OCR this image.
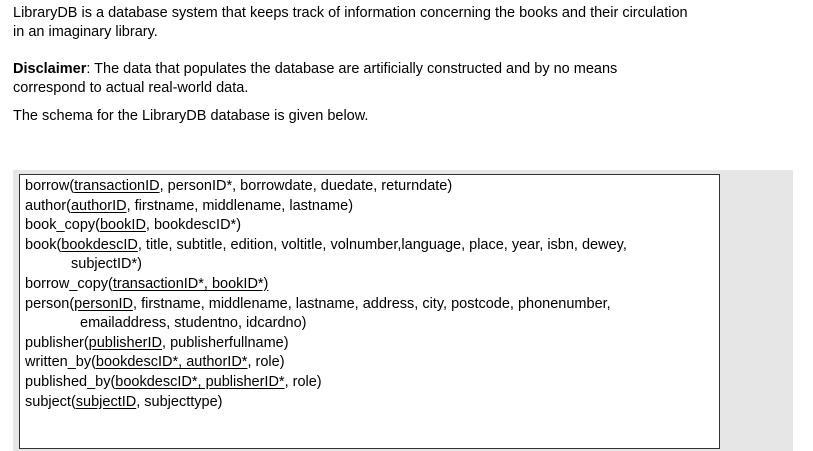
LibraryDB is a database system that keeps track of information concerning the books and their circulation
in an imaginary library.
Disclaimer: The data that populates the database are artificially constructed and by no means
correspond to actual real-world data.
The schema for the LibraryDB database is given below.
borrow(transactionID, personID*, borrowdate, duedate, returndate)
author(authorID, firstname, middlename, lastname)
book_copy(bookID, bookdescID*)
book(bookdescID, title, subtitle, edition, voltitle, volnumber,language, place, year, isbn, dewey,
subjectID*)
borrow_copy(transactionID*, bookID*)
person(personID, firstname, middlename, lastname, address, city, postcode, phonenumber,
emailaddress, studentno, idcardno)
publisher(publisherID, publisherfullname)
written_by(bookdescID*, authorID*, role)
published_by(bookdescID*, publisherID*, role)
subject(subjectID, subjecttype)
